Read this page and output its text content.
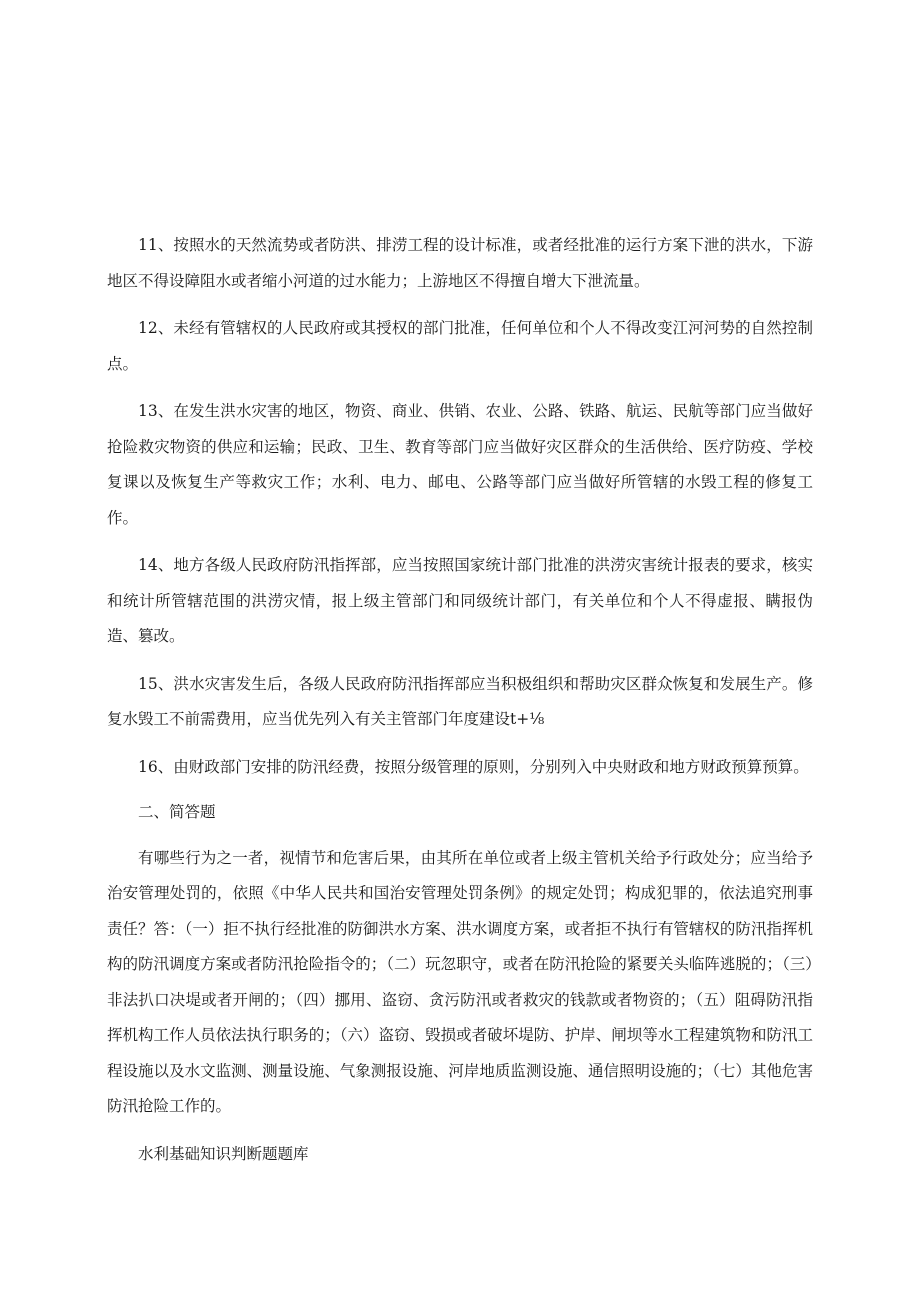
11、按照水的天然流势或者防洪、排涝工程的设计标准，或者经批准的运行方案下泄的洪水，下游地区不得设障阻水或者缩小河道的过水能力；上游地区不得擅自增大下泄流量。

12、未经有管辖权的人民政府或其授权的部门批准，任何单位和个人不得改变江河河势的自然控制点。

13、在发生洪水灾害的地区，物资、商业、供销、农业、公路、铁路、航运、民航等部门应当做好抢险救灾物资的供应和运输；民政、卫生、教育等部门应当做好灾区群众的生活供给、医疗防疫、学校复课以及恢复生产等救灾工作；水利、电力、邮电、公路等部门应当做好所管辖的水毁工程的修复工作。

14、地方各级人民政府防汛指挥部，应当按照国家统计部门批准的洪涝灾害统计报表的要求，核实和统计所管辖范围的洪涝灾情，报上级主管部门和同级统计部门，有关单位和个人不得虚报、瞒报伪造、篡改。

15、洪水灾害发生后，各级人民政府防汛指挥部应当积极组织和帮助灾区群众恢复和发展生产。修复水毁工不前需费用，应当优先列入有关主管部门年度建设t+⅛

16、由财政部门安排的防汛经费，按照分级管理的原则，分别列入中央财政和地方财政预算预算。

二、简答题

有哪些行为之一者，视情节和危害后果，由其所在单位或者上级主管机关给予行政处分；应当给予治安管理处罚的，依照《中华人民共和国治安管理处罚条例》的规定处罚；构成犯罪的，依法追究刑事责任？答：（一）拒不执行经批准的防御洪水方案、洪水调度方案，或者拒不执行有管辖权的防汛指挥机构的防汛调度方案或者防汛抢险指令的；（二）玩忽职守，或者在防汛抢险的紧要关头临阵逃脱的；（三）非法扒口决堤或者开闸的；（四）挪用、盗窃、贪污防汛或者救灾的钱款或者物资的；（五）阻碍防汛指挥机构工作人员依法执行职务的；（六）盗窃、毁损或者破坏堤防、护岸、闸坝等水工程建筑物和防汛工程设施以及水文监测、测量设施、气象测报设施、河岸地质监测设施、通信照明设施的；（七）其他危害防汛抢险工作的。

水利基础知识判断题题库
